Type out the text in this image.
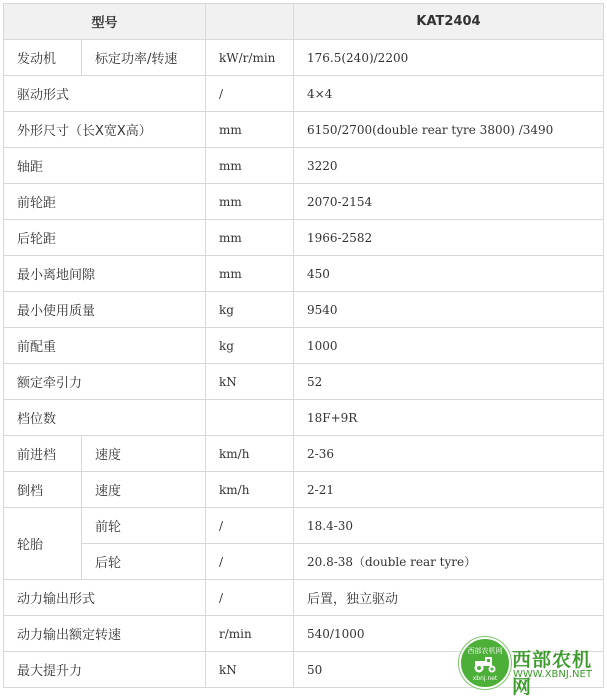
型号			KAT2404
发动机	标定功率/转速	kW/r/min	176.5(240)/2200
驱动形式		/	4×4
外形尺寸（长X宽X高）		mm	6150/2700(double rear tyre 3800) /3490
轴距		mm	3220
前轮距		mm	2070-2154
后轮距		mm	1966-2582
最小离地间隙		mm	450
最小使用质量		kg	9540
前配重		kg	1000
额定牵引力		kN	52
档位数			18F+9R
前进档	速度	km/h	2-36
倒档	速度	km/h	2-21
轮胎	前轮	/	18.4-30
	后轮	/	20.8-38（double rear tyre）
动力输出形式		/	后置，独立驱动
动力输出额定转速		r/min	540/1000
最大提升力		kN	50
西部农机网
xbnj.net
西部农机网
WWW.XBNJ.NET
